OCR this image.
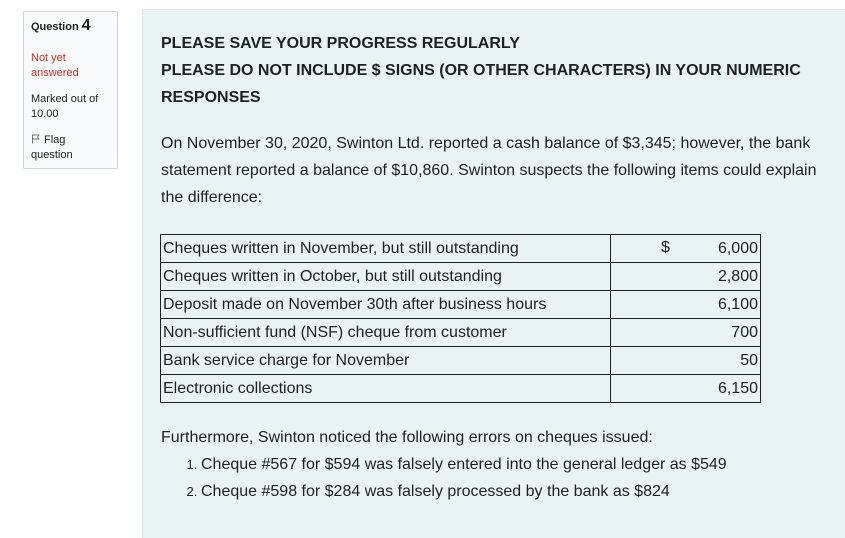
Question 4
Not yet answered
Marked out of 10.00
Flag question
PLEASE SAVE YOUR PROGRESS REGULARLY
PLEASE DO NOT INCLUDE $ SIGNS (OR OTHER CHARACTERS) IN YOUR NUMERIC RESPONSES
On November 30, 2020, Swinton Ltd. reported a cash balance of $3,345; however, the bank statement reported a balance of $10,860. Swinton suspects the following items could explain the difference:
Cheques written in November, but still outstanding	$ 6,000
Cheques written in October, but still outstanding	2,800
Deposit made on November 30th after business hours	6,100
Non-sufficient fund (NSF) cheque from customer	700
Bank service charge for November	50
Electronic collections	6,150
Furthermore, Swinton noticed the following errors on cheques issued:
1. Cheque #567 for $594 was falsely entered into the general ledger as $549
2. Cheque #598 for $284 was falsely processed by the bank as $824
